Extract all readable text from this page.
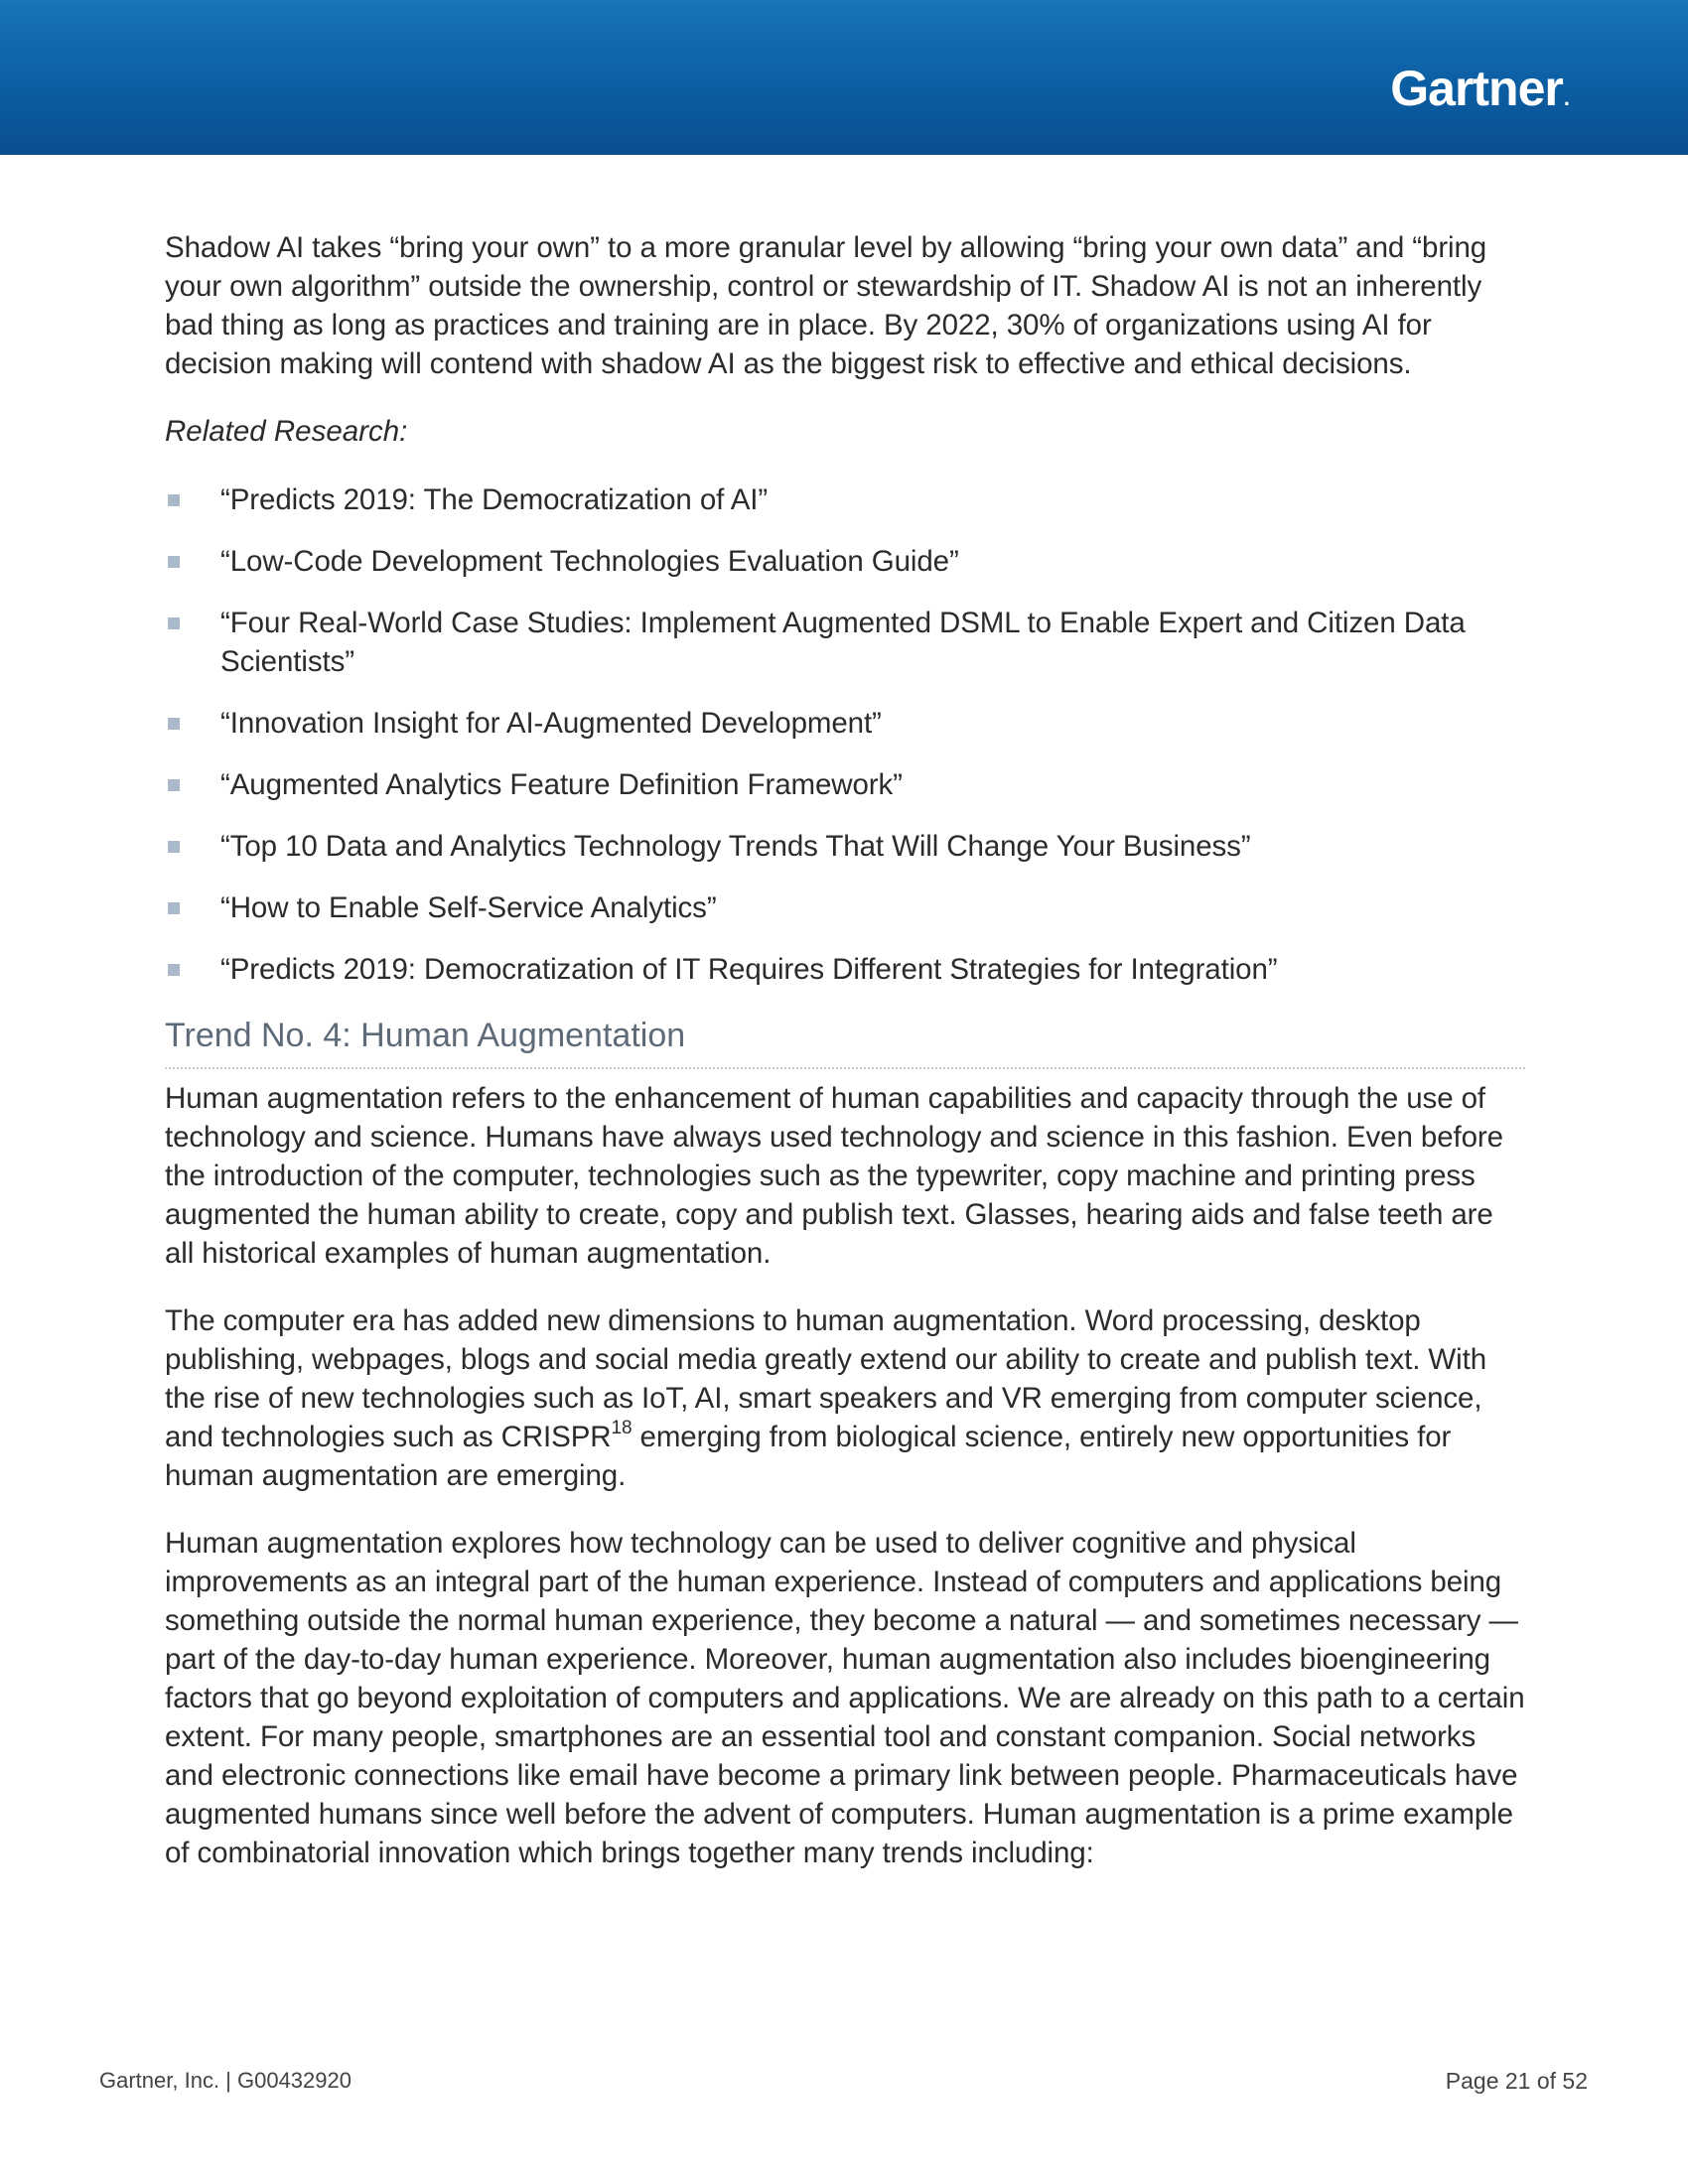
Gartner.

Shadow AI takes “bring your own” to a more granular level by allowing “bring your own data” and “bring your own algorithm” outside the ownership, control or stewardship of IT. Shadow AI is not an inherently bad thing as long as practices and training are in place. By 2022, 30% of organizations using AI for decision making will contend with shadow AI as the biggest risk to effective and ethical decisions.

Related Research:

“Predicts 2019: The Democratization of AI”
“Low-Code Development Technologies Evaluation Guide”
“Four Real-World Case Studies: Implement Augmented DSML to Enable Expert and Citizen Data Scientists”
“Innovation Insight for AI-Augmented Development”
“Augmented Analytics Feature Definition Framework”
“Top 10 Data and Analytics Technology Trends That Will Change Your Business”
“How to Enable Self-Service Analytics”
“Predicts 2019: Democratization of IT Requires Different Strategies for Integration”
Trend No. 4: Human Augmentation

Human augmentation refers to the enhancement of human capabilities and capacity through the use of technology and science. Humans have always used technology and science in this fashion. Even before the introduction of the computer, technologies such as the typewriter, copy machine and printing press augmented the human ability to create, copy and publish text. Glasses, hearing aids and false teeth are all historical examples of human augmentation.

The computer era has added new dimensions to human augmentation. Word processing, desktop publishing, webpages, blogs and social media greatly extend our ability to create and publish text. With the rise of new technologies such as IoT, AI, smart speakers and VR emerging from computer science, and technologies such as CRISPR$^{18}$ emerging from biological science, entirely new opportunities for human augmentation are emerging.

Human augmentation explores how technology can be used to deliver cognitive and physical improvements as an integral part of the human experience. Instead of computers and applications being something outside the normal human experience, they become a natural — and sometimes necessary — part of the day-to-day human experience. Moreover, human augmentation also includes bioengineering factors that go beyond exploitation of computers and applications. We are already on this path to a certain extent. For many people, smartphones are an essential tool and constant companion. Social networks and electronic connections like email have become a primary link between people. Pharmaceuticals have augmented humans since well before the advent of computers. Human augmentation is a prime example of combinatorial innovation which brings together many trends including:

Gartner, Inc. | G00432920	Page 21 of 52
